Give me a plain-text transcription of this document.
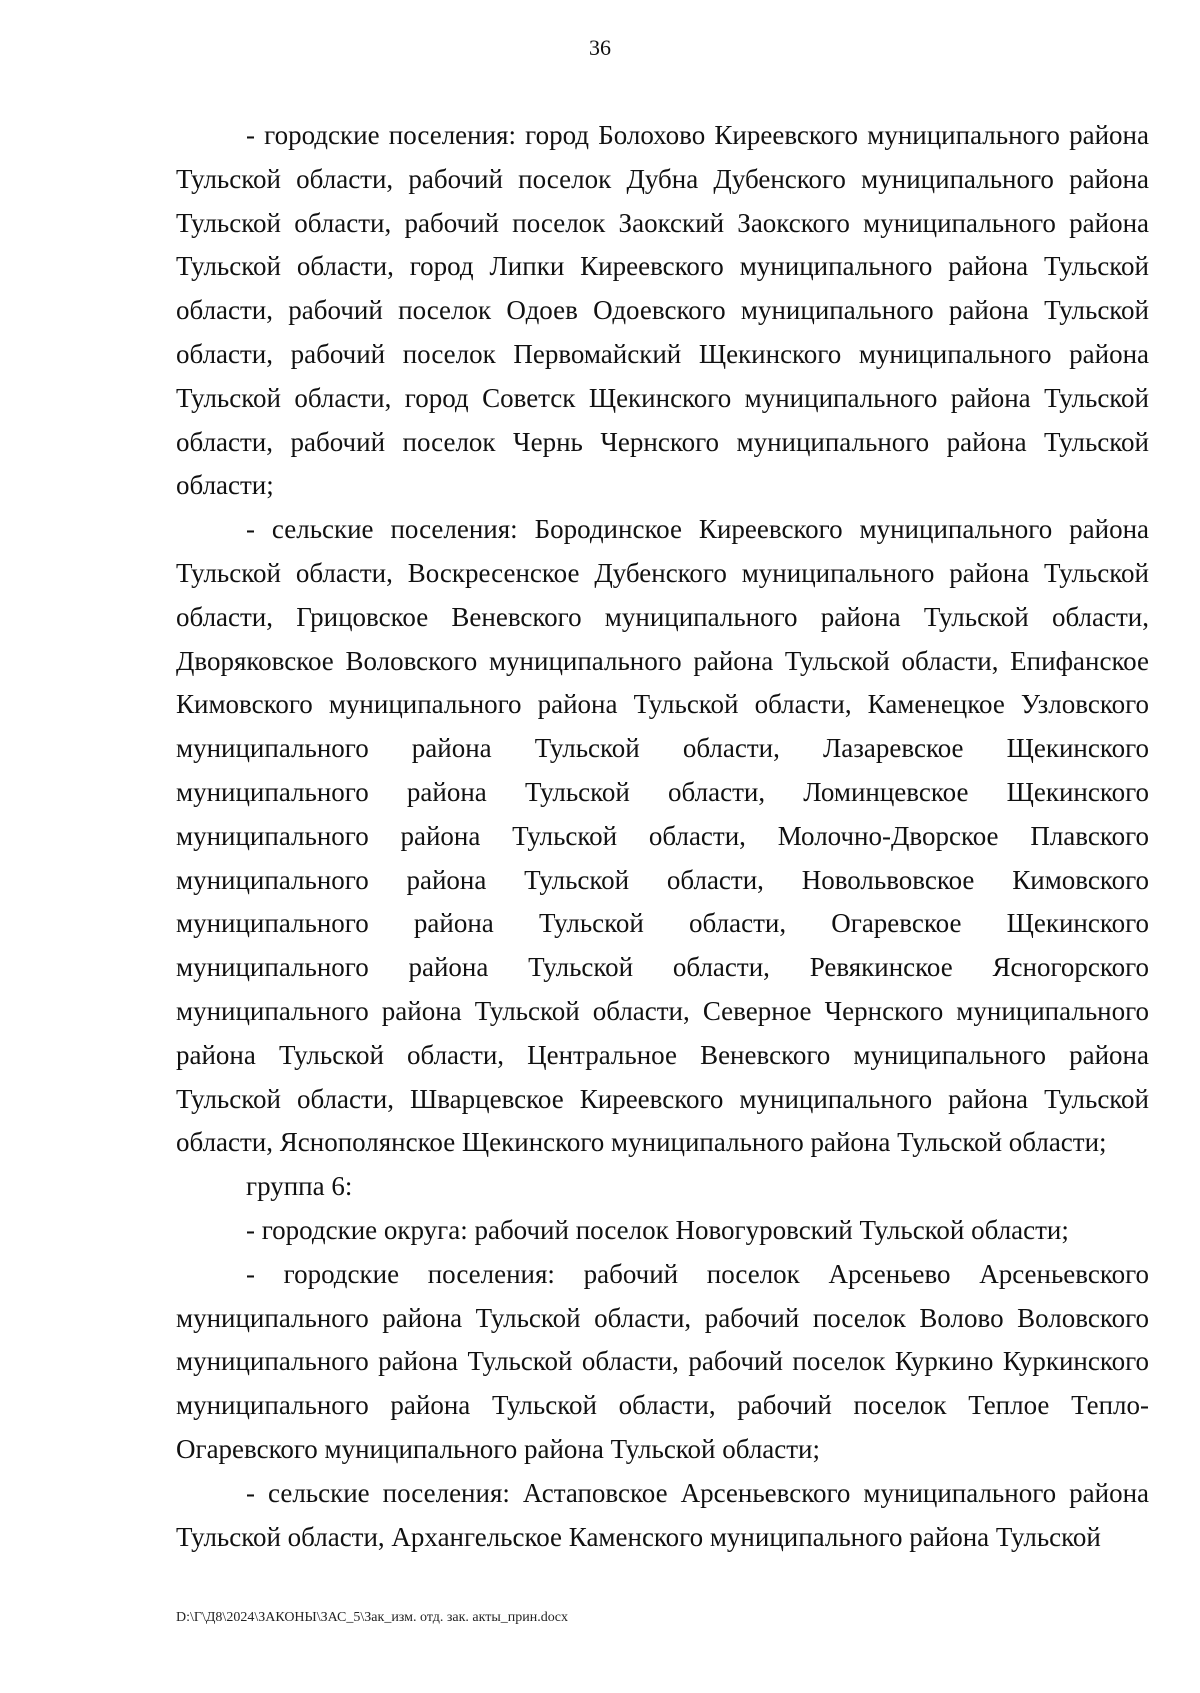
36

- городские поселения: город Болохово Киреевского муниципального района Тульской области, рабочий поселок Дубна Дубенского муниципального района Тульской области, рабочий поселок Заокский Заокского муниципального района Тульской области, город Липки Киреевского муниципального района Тульской области, рабочий поселок Одоев Одоевского муниципального района Тульской области, рабочий поселок Первомайский Щекинского муниципального района Тульской области, город Советск Щекинского муниципального района Тульской области, рабочий поселок Чернь Чернского муниципального района Тульской области;

- сельские поселения: Бородинское Киреевского муниципального района Тульской области, Воскресенское Дубенского муниципального района Тульской области, Грицовское Веневского муниципального района Тульской области, Дворяковское Воловского муниципального района Тульской области, Епифанское Кимовского муниципального района Тульской области, Каменецкое Узловского муниципального района Тульской области, Лазаревское Щекинского муниципального района Тульской области, Ломинцевское Щекинского муниципального района Тульской области, Молочно-Дворское Плавского муниципального района Тульской области, Новольвовское Кимовского муниципального района Тульской области, Огаревское Щекинского муниципального района Тульской области, Ревякинское Ясногорского муниципального района Тульской области, Северное Чернского муниципального района Тульской области, Центральное Веневского муниципального района Тульской области, Шварцевское Киреевского муниципального района Тульской области, Яснополянское Щекинского муниципального района Тульской области;

группа 6:

- городские округа: рабочий поселок Новогуровский Тульской области;

- городские поселения: рабочий поселок Арсеньево Арсеньевского муниципального района Тульской области, рабочий поселок Волово Воловского муниципального района Тульской области, рабочий поселок Куркино Куркинского муниципального района Тульской области, рабочий поселок Теплое Тепло-Огаревского муниципального района Тульской области;

- сельские поселения: Астаповское Арсеньевского муниципального района Тульской области, Архангельское Каменского муниципального района Тульской

D:\Г\Д8\2024\ЗАКОНЫ\ЗАС_5\Зак_изм. отд. зак. акты_прин.docx
